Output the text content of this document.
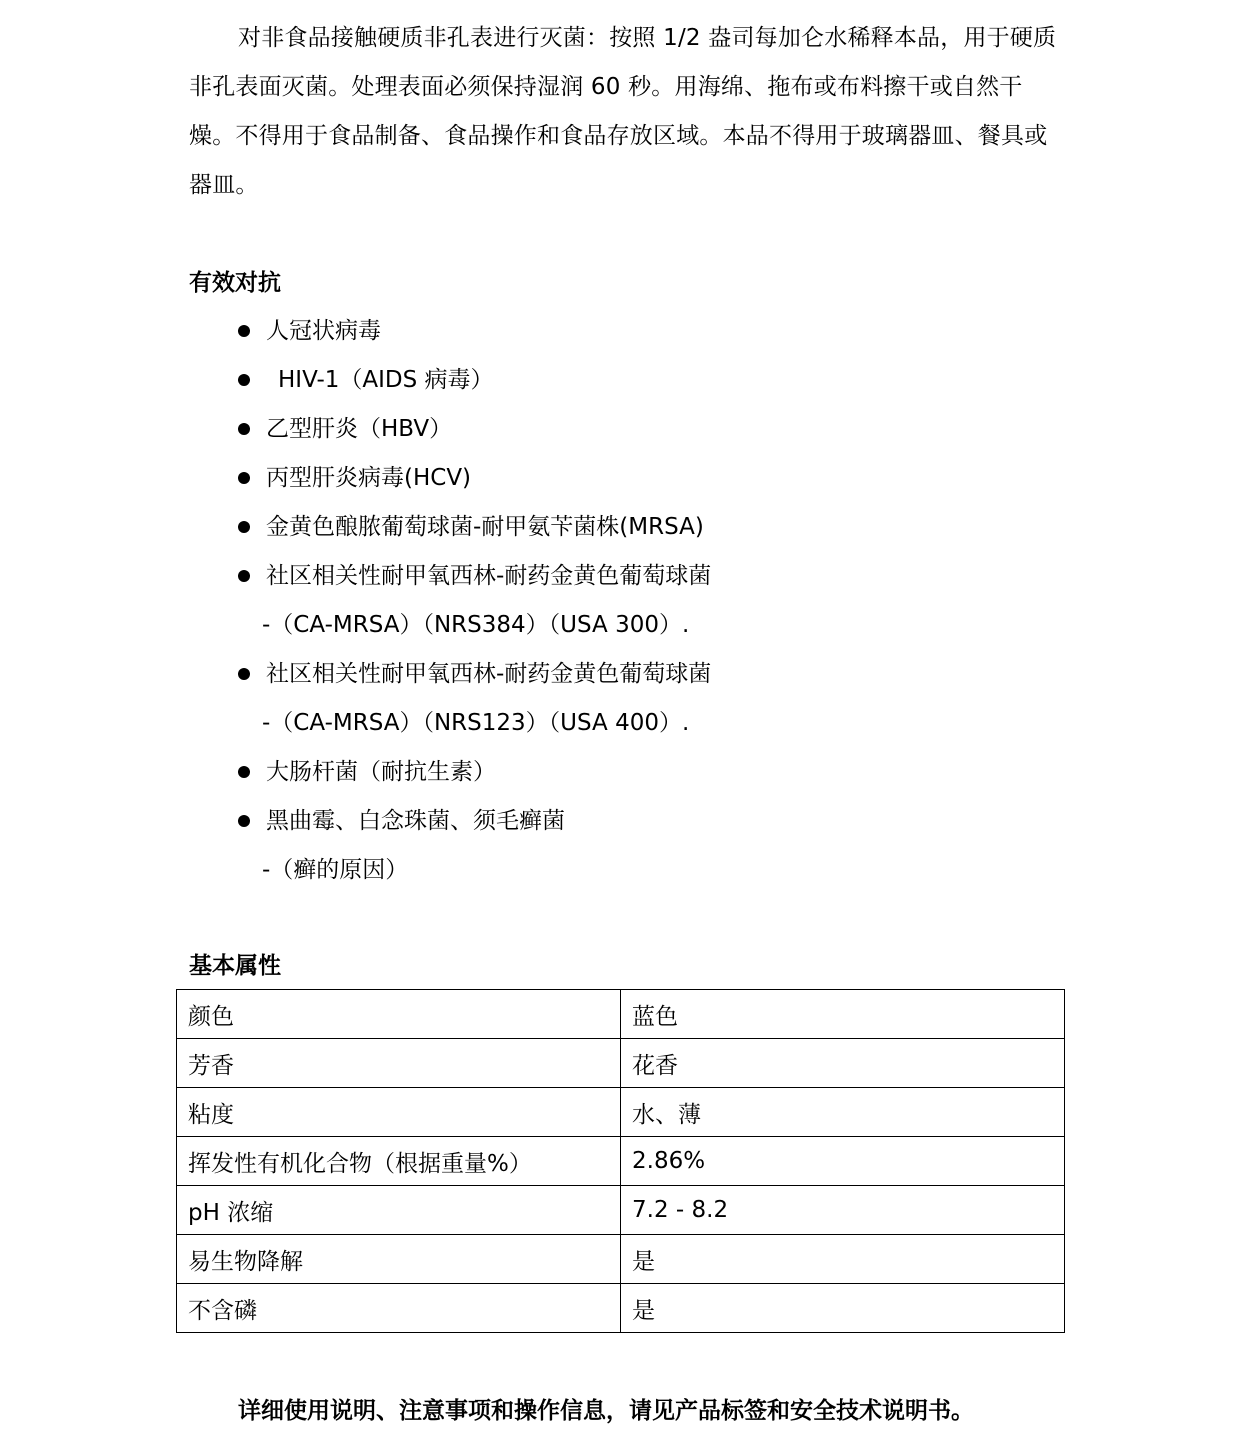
对非食品接触硬质非孔表进行灭菌：按照 1/2 盎司每加仑水稀释本品，用于硬质非孔表面灭菌。处理表面必须保持湿润 60 秒。用海绵、拖布或布料擦干或自然干燥。不得用于食品制备、食品操作和食品存放区域。本品不得用于玻璃器皿、餐具或器皿。

有效对抗
人冠状病毒
HIV-1（AIDS 病毒）
乙型肝炎（HBV）
丙型肝炎病毒(HCV)
金黄色酿脓葡萄球菌-耐甲氨苄菌株(MRSA)
社区相关性耐甲氧西林-耐药金黄色葡萄球菌
-（CA-MRSA）（NRS384）（USA 300）.
社区相关性耐甲氧西林-耐药金黄色葡萄球菌
-（CA-MRSA）（NRS123）（USA 400）.
大肠杆菌（耐抗生素）
黑曲霉、白念珠菌、须毛癣菌
-（癣的原因）
基本属性
颜色	蓝色
芳香	花香
粘度	水、薄
挥发性有机化合物（根据重量%）	2.86%
pH 浓缩	7.2 - 8.2
易生物降解	是
不含磷	是

详细使用说明、注意事项和操作信息，请见产品标签和安全技术说明书。
